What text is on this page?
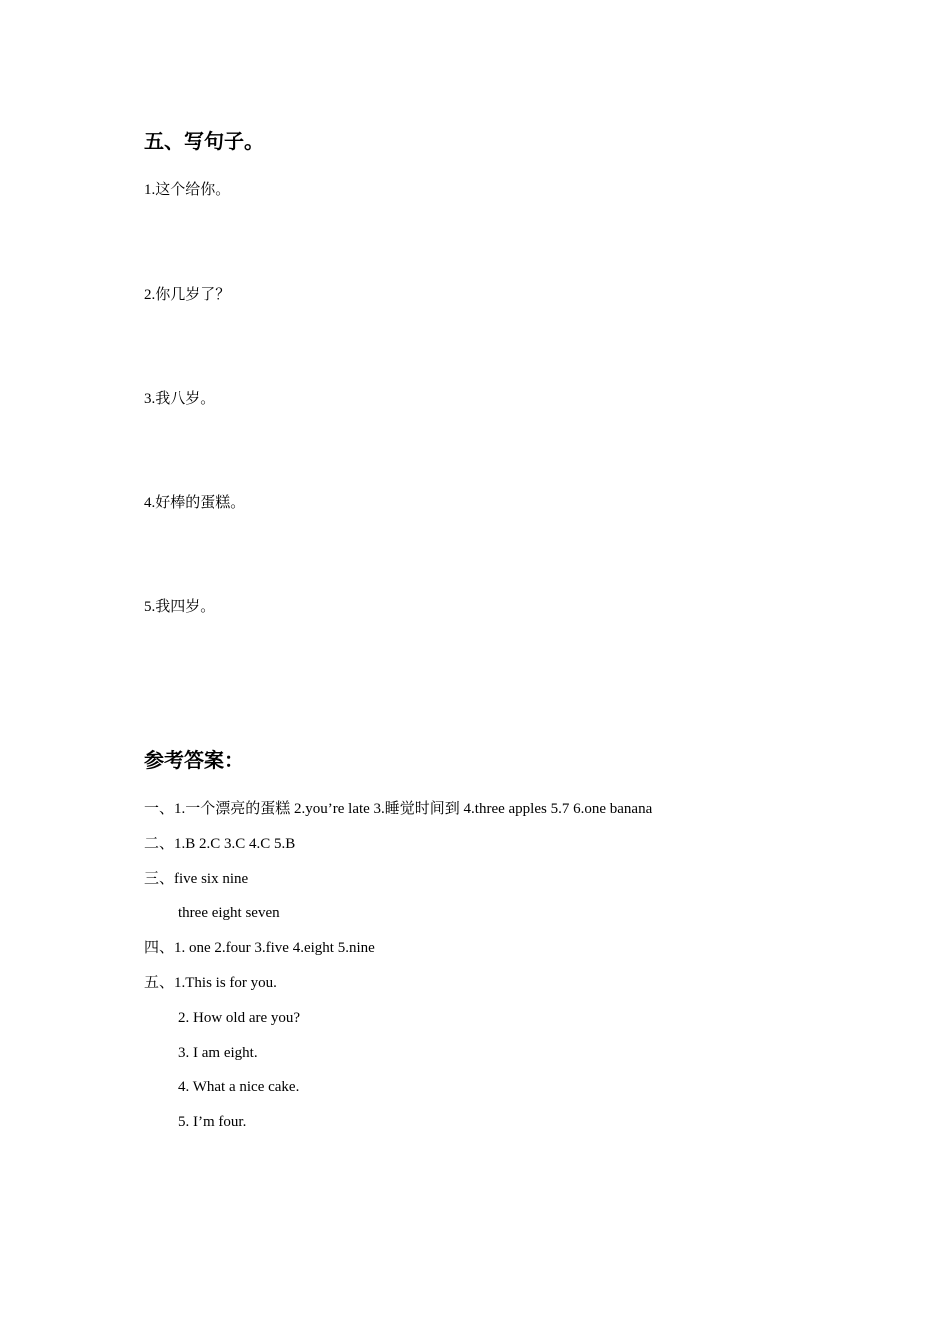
五、写句子。
1.这个给你。
2.你几岁了？
3.我八岁。
4.好棒的蛋糕。
5.我四岁。
参考答案：
一、1.一个漂亮的蛋糕 2.you’re late 3.睡觉时间到 4.three apples 5.7 6.one banana
二、1.B 2.C 3.C 4.C 5.B
三、five six nine
three eight seven
四、1. one 2.four 3.five 4.eight 5.nine
五、1.This is for you.
2. How old are you?
3. I am eight.
4. What a nice cake.
5. I’m four.
